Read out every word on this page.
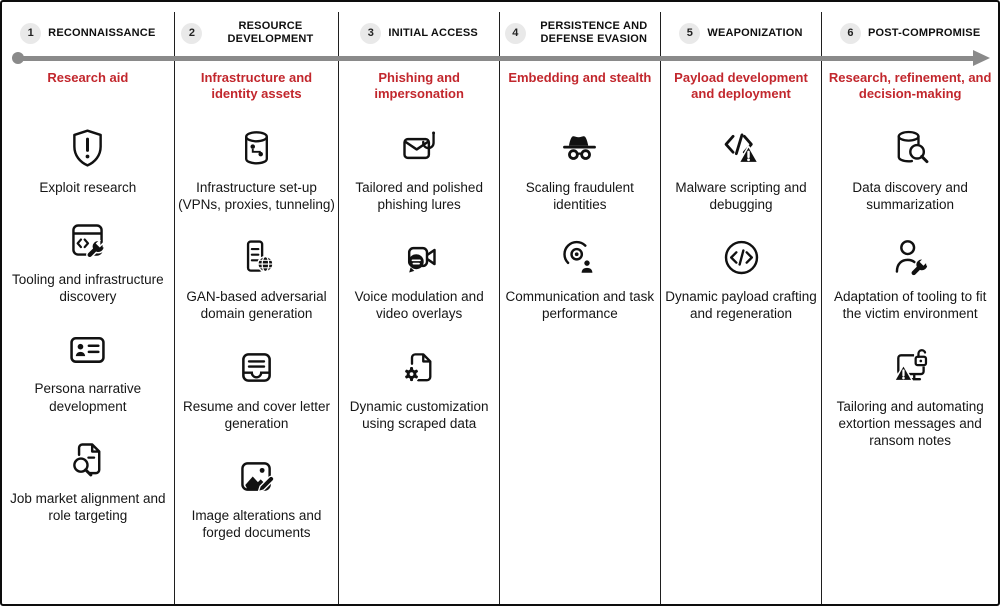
1	RECONNAISSANCE
Research aid
Exploit research
Tooling and infrastructure discovery
Persona narrative development
Job market alignment and role targeting
2
RESOURCE DEVELOPMENT
Infrastructure and identity assets
Infrastructure set-up (VPNs, proxies, tunneling)
GAN-based adversarial domain generation
Resume and cover letter generation
Image alterations and forged documents
3	INITIAL ACCESS
Phishing and impersonation
Tailored and polished phishing lures
Voice modulation and video overlays
Dynamic customization using scraped data
4
PERSISTENCE AND DEFENSE EVASION
Embedding and stealth
Scaling fraudulent identities
Communication and task performance
5	WEAPONIZATION
Payload development and deployment
Malware scripting and debugging
Dynamic payload crafting and regeneration
6	POST-COMPROMISE
Research, refinement, and decision-making
Data discovery and summarization
Adaptation of tooling to fit the victim environment
Tailoring and automating extortion messages and ransom notes
